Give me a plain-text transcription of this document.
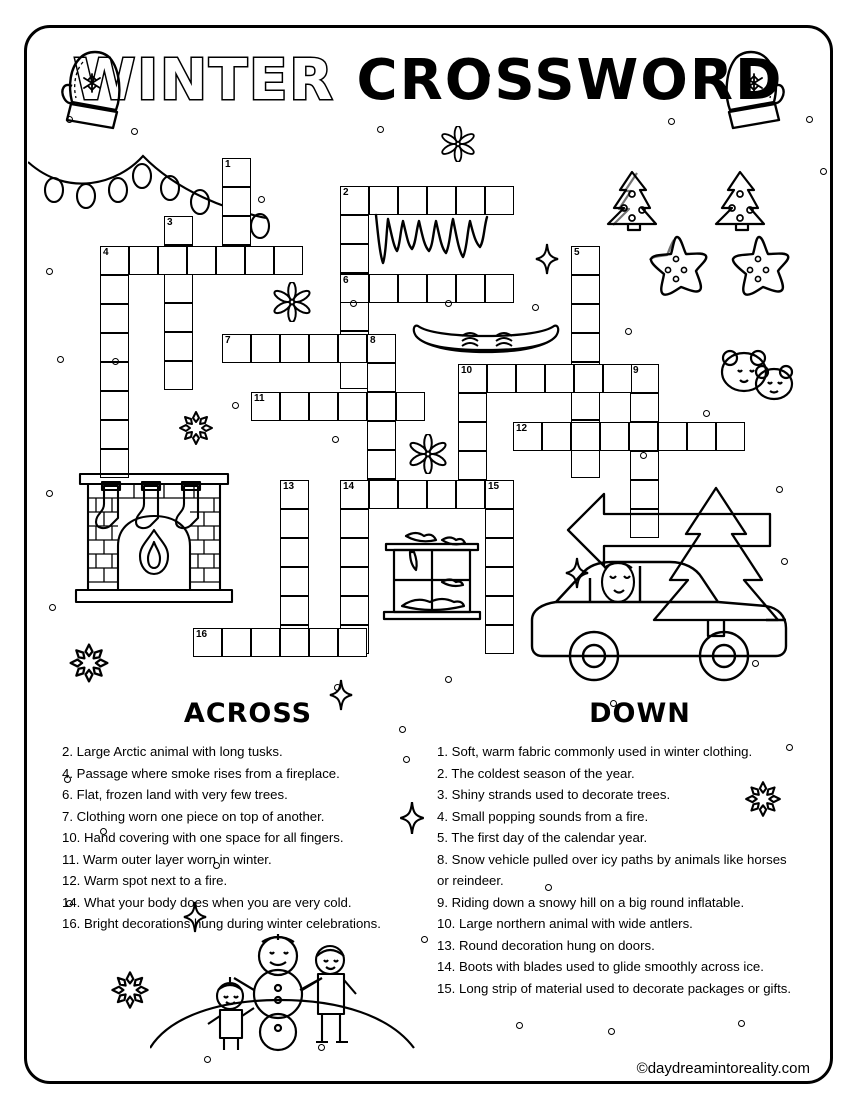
WINTER CROSSWORD
1
2
3
4	5
6
7	8
9
10
11
12
13	14	15
16
ACROSS	DOWN

2. Large Arctic animal with long tusks.

4. Passage where smoke rises from a fireplace.

6. Flat, frozen land with very few trees.

7. Clothing worn one piece on top of another.

10. Hand covering with one space for all fingers.

11. Warm outer layer worn in winter.

12. Warm spot next to a fire.

14. What your body does when you are very cold.

16. Bright decorations hung during winter celebrations.

1. Soft, warm fabric commonly used in winter clothing.

2. The coldest season of the year.

3. Shiny strands used to decorate trees.

4. Small popping sounds from a fire.

5. The first day of the calendar year.

8. Snow vehicle pulled over icy paths by animals like horses or reindeer.

9. Riding down a snowy hill on a big round inflatable.

10. Large northern animal with wide antlers.

13. Round decoration hung on doors.

14. Boots with blades used to glide smoothly across ice.

15. Long strip of material used to decorate packages or gifts.

©daydreamintoreality.com
